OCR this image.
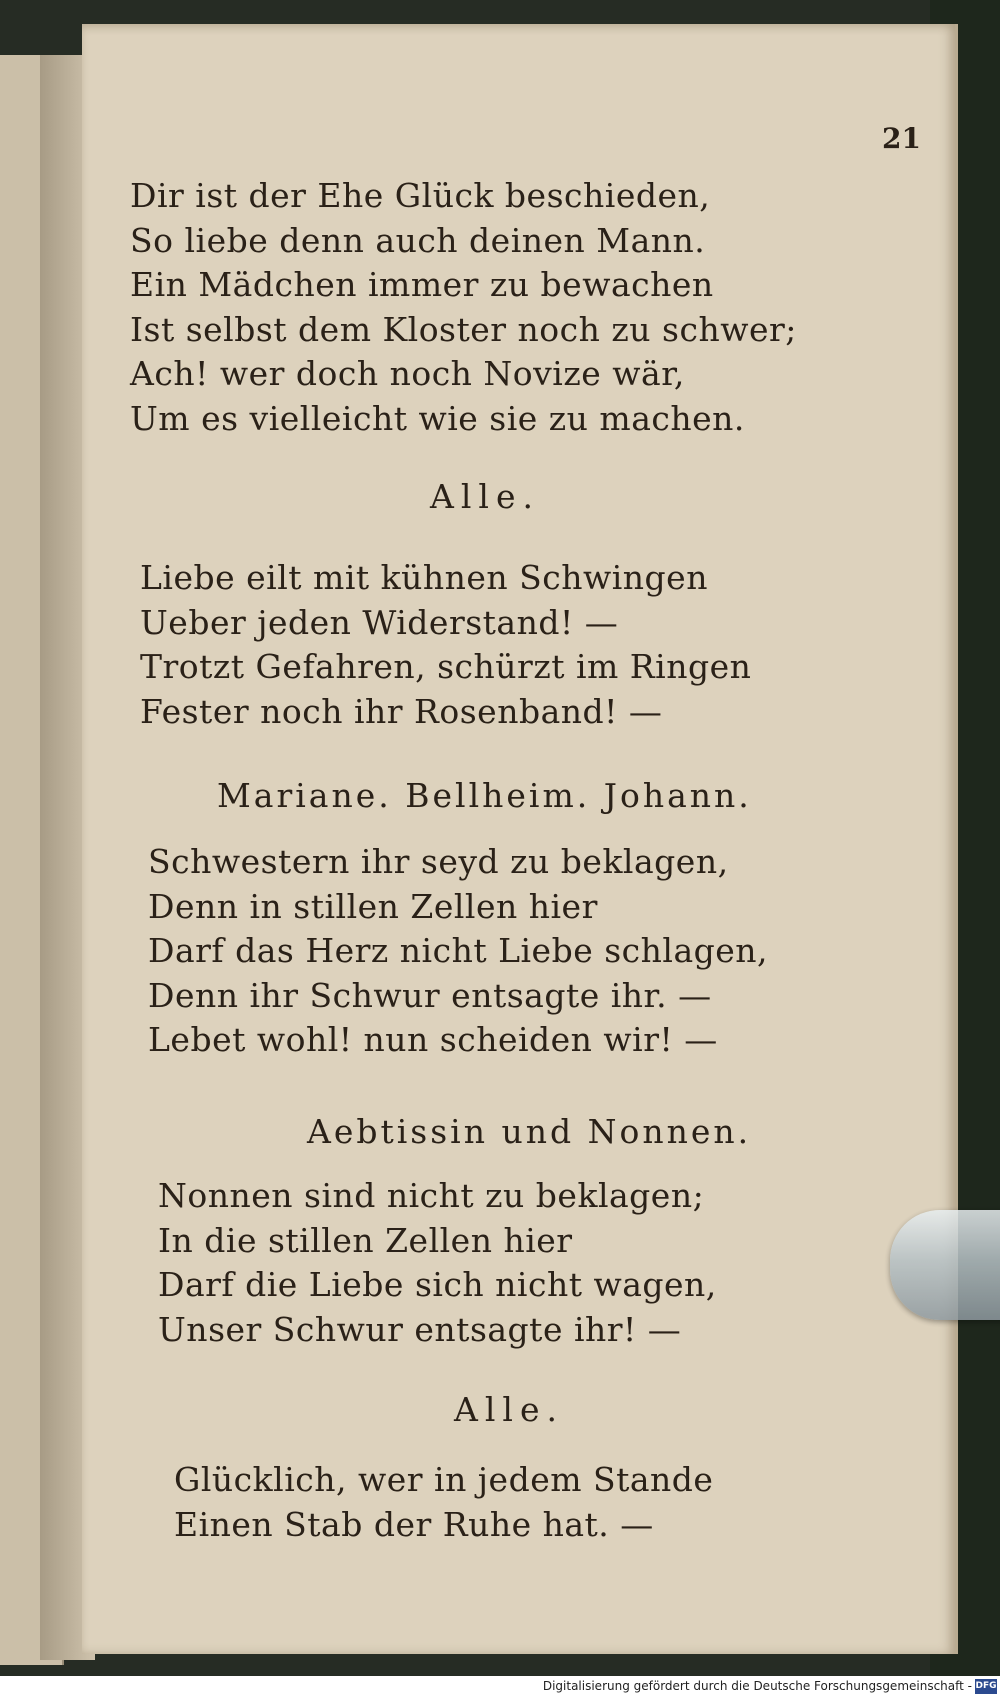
21
Dir ist der Ehe Glück beschieden,
So liebe denn auch deinen Mann.
Ein Mädchen immer zu bewachen
Ist selbst dem Kloster noch zu schwer;
Ach! wer doch noch Novize wär,
Um es vielleicht wie sie zu machen.
Alle.
Liebe eilt mit kühnen Schwingen
Ueber jeden Widerstand! —
Trotzt Gefahren, schürzt im Ringen
Fester noch ihr Rosenband! —
Mariane. Bellheim. Johann.
Schwestern ihr seyd zu beklagen,
Denn in stillen Zellen hier
Darf das Herz nicht Liebe schlagen,
Denn ihr Schwur entsagte ihr. —
Lebet wohl! nun scheiden wir! —
Aebtissin und Nonnen.
Nonnen sind nicht zu beklagen;
In die stillen Zellen hier
Darf die Liebe sich nicht wagen,
Unser Schwur entsagte ihr! —
Alle.
Glücklich, wer in jedem Stande
Einen Stab der Ruhe hat. —
Digitalisierung gefördert durch die Deutsche Forschungsgemeinschaft - DFG
